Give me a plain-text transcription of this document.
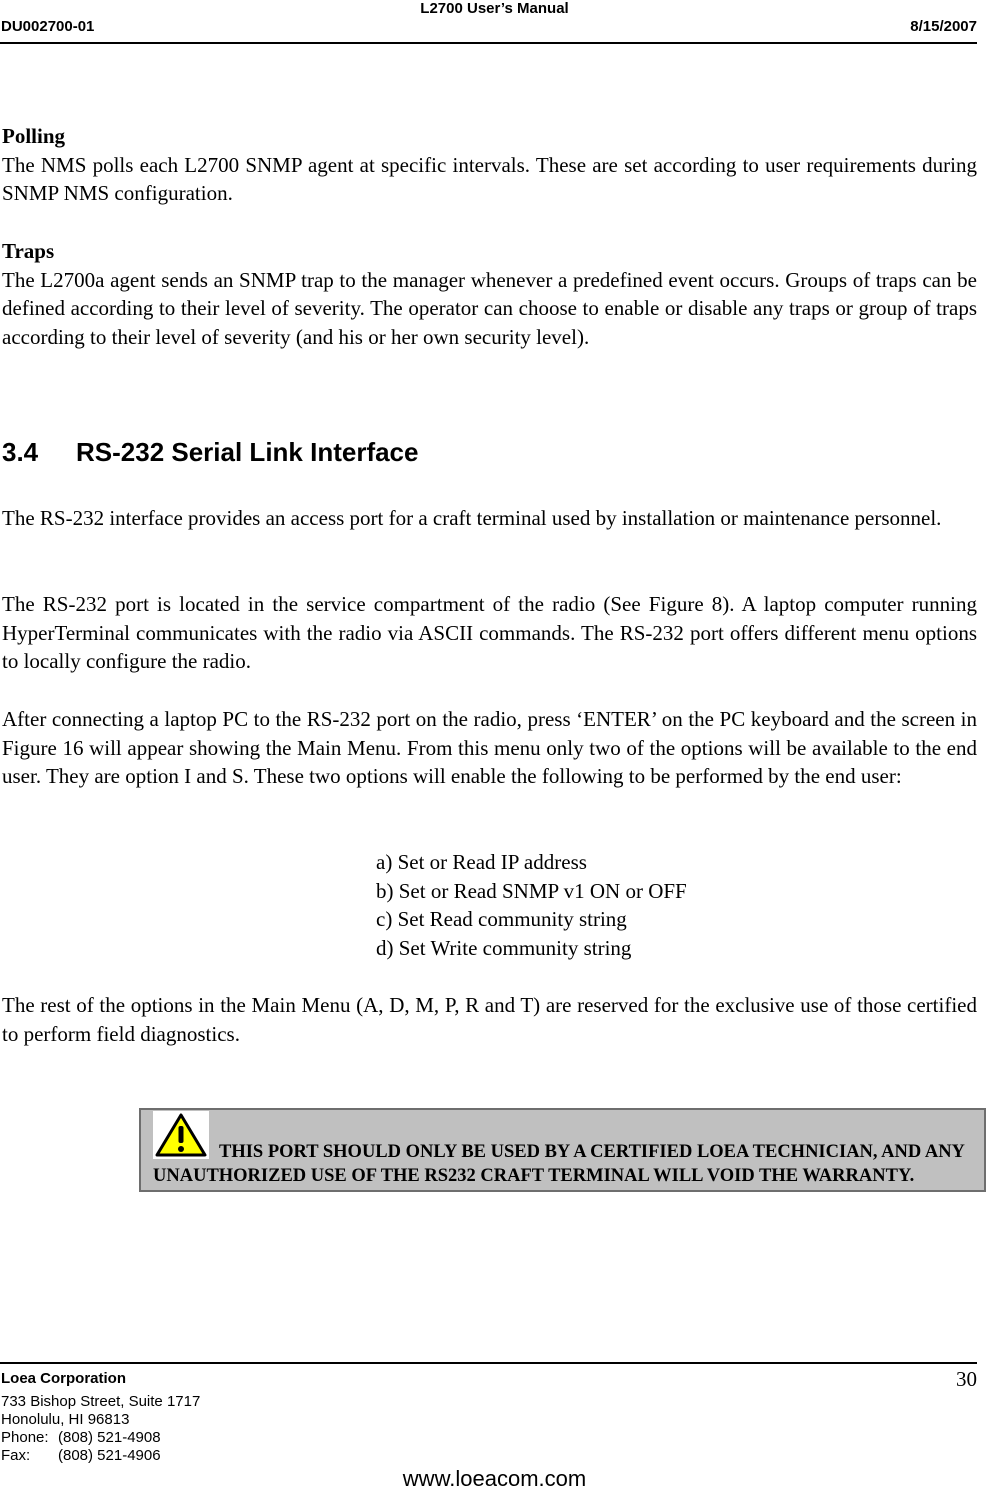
L2700 User’s Manual
DU002700-01	8/15/2007
Polling

The NMS polls each L2700 SNMP agent at specific intervals. These are set according to user requirements during SNMP NMS configuration.

Traps

The L2700a agent sends an SNMP trap to the manager whenever a predefined event occurs. Groups of traps can be defined according to their level of severity. The operator can choose to enable or disable any traps or group of traps according to their level of severity (and his or her own security level).

3.4 RS-232 Serial Link Interface

The RS-232 interface provides an access port for a craft terminal used by installation or maintenance personnel.

The RS-232 port is located in the service compartment of the radio (See Figure 8). A laptop computer running HyperTerminal communicates with the radio via ASCII commands. The RS-232 port offers different menu options to locally configure the radio.

After connecting a laptop PC to the RS-232 port on the radio, press ‘ENTER’ on the PC keyboard and the screen in Figure 16 will appear showing the Main Menu. From this menu only two of the options will be available to the end user. They are option I and S. These two options will enable the following to be performed by the end user:

a) Set or Read IP address
b) Set or Read SNMP v1 ON or OFF
c) Set Read community string
d) Set Write community string

The rest of the options in the Main Menu (A, D, M, P, R and T) are reserved for the exclusive use of those certified to perform field diagnostics.

THIS PORT SHOULD ONLY BE USED BY A CERTIFIED LOEA TECHNICIAN, AND ANY UNAUTHORIZED USE OF THE RS232 CRAFT TERMINAL WILL VOID THE WARRANTY.
Loea Corporation
733 Bishop Street, Suite 1717
Honolulu, HI 96813
Phone: (808) 521-4908
Fax: (808) 521-4906
30
www.loeacom.com
